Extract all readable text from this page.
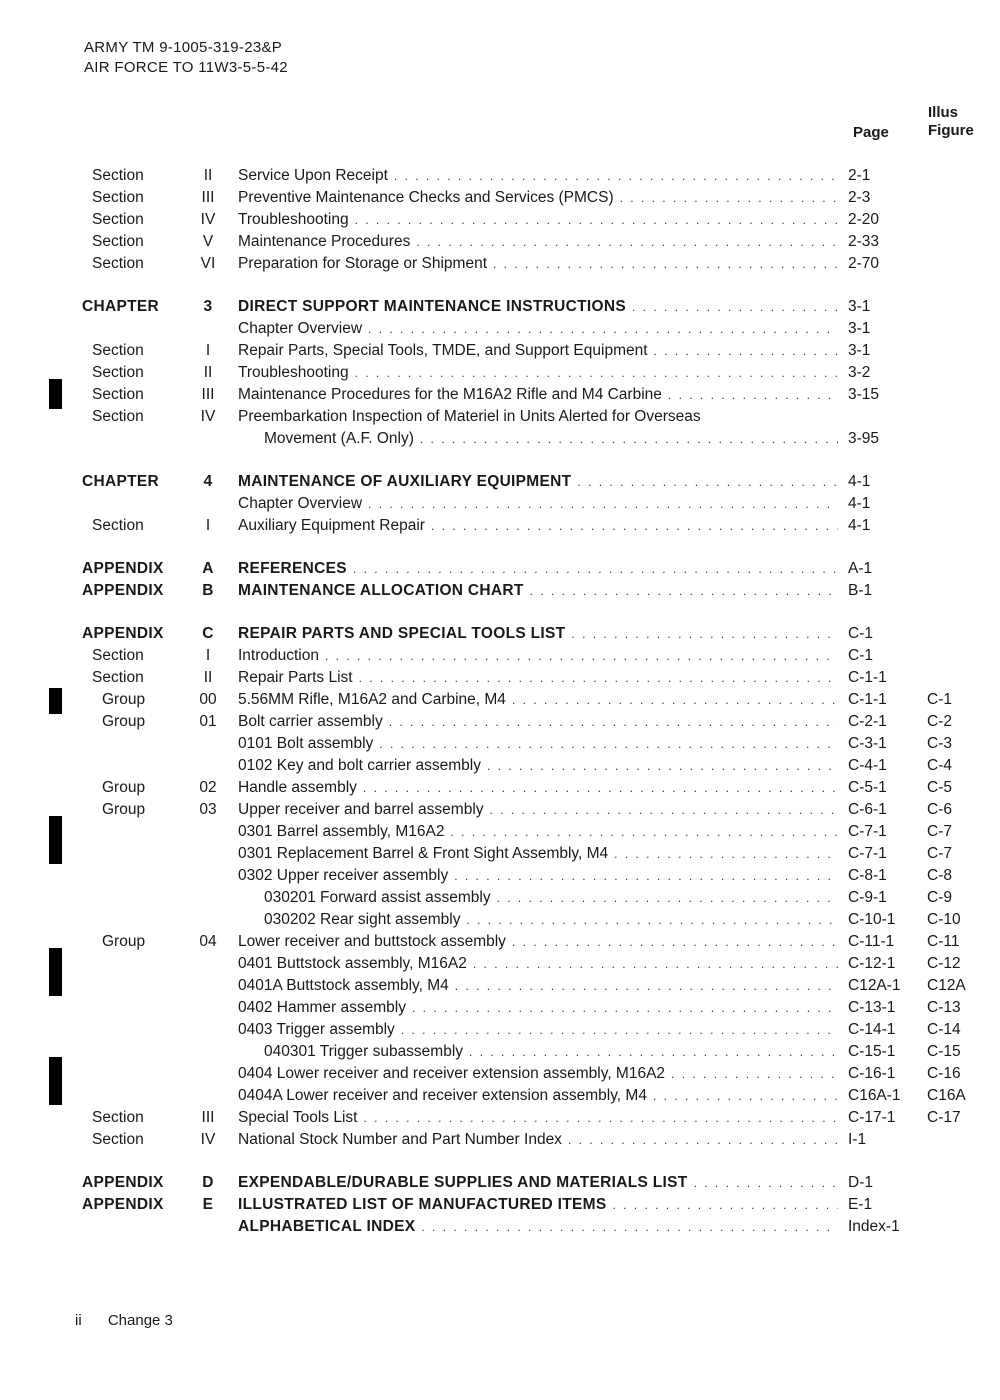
ARMY TM 9-1005-319-23&P
AIR FORCE TO 11W3-5-5-42
Illus
Figure
Page
Section	II	Service Upon Receipt . . .	2-1
Section	III	Preventive Maintenance Checks and Services (PMCS) . . .	2-3
Section	IV	Troubleshooting . . .	2-20
Section	V	Maintenance Procedures . . .	2-33
Section	VI	Preparation for Storage or Shipment . . .	2-70
CHAPTER	3	DIRECT SUPPORT MAINTENANCE INSTRUCTIONS . . .	3-1
Chapter Overview . . .	3-1
Section	I	Repair Parts, Special Tools, TMDE, and Support Equipment . . .	3-1
Section	II	Troubleshooting . . .	3-2
Section	III	Maintenance Procedures for the M16A2 Rifle and M4 Carbine . . .	3-15
Section	IV	Preembarkation Inspection of Materiel in Units Alerted for Overseas
Movement (A.F. Only) . . .	3-95
CHAPTER	4	MAINTENANCE OF AUXILIARY EQUIPMENT . . .	4-1
Chapter Overview . . .	4-1
Section	I	Auxiliary Equipment Repair . . .	4-1
APPENDIX	A	REFERENCES . . .	A-1
APPENDIX	B	MAINTENANCE ALLOCATION CHART . . .	B-1
APPENDIX	C	REPAIR PARTS AND SPECIAL TOOLS LIST . . .	C-1
Section	I	Introduction . . .	C-1
Section	II	Repair Parts List . . .	C-1-1
Group	00 5.56MM Rifle, M16A2 and Carbine, M4 . . .	C-1-1	C-1
Group	01 Bolt carrier assembly . . .	C-2-1	C-2
0101 Bolt assembly . . .	C-3-1	C-3
0102 Key and bolt carrier assembly . . .	C-4-1	C-4
Group	02 Handle assembly . . .	C-5-1	C-5
Group	03 Upper receiver and barrel assembly . . .	C-6-1	C-6
0301 Barrel assembly, M16A2 . . .	C-7-1	C-7
0301 Replacement Barrel & Front Sight Assembly, M4 . . .	C-7-1	C-7
0302 Upper receiver assembly . . .	C-8-1	C-8
030201 Forward assist assembly . . .	C-9-1	C-9
030202 Rear sight assembly . . .	C-10-1 C-10
Group	04 Lower receiver and buttstock assembly . . .	C-11-1 C-11
0401 Buttstock assembly, M16A2 . . .	C-12-1 C-12
0401A Buttstock assembly, M4 . . .	C12A-1 C12A
0402 Hammer assembly . . .	C-13-1 C-13
0403 Trigger assembly . . .	C-14-1 C-14
040301 Trigger subassembly . . .	C-15-1 C-15
0404 Lower receiver and receiver extension assembly, M16A2 . . .	C-16-1 C-16
0404A Lower receiver and receiver extension assembly, M4 . . .	C16A-1 C16A
Section	III	Special Tools List . . .	C-17-1 C-17
Section	IV	National Stock Number and Part Number Index . . .	I-1
APPENDIX	D	EXPENDABLE/DURABLE SUPPLIES AND MATERIALS LIST . . .	D-1
APPENDIX	E	ILLUSTRATED LIST OF MANUFACTURED ITEMS . . .	E-1
ALPHABETICAL INDEX . . .	Index-1
ii Change 3
